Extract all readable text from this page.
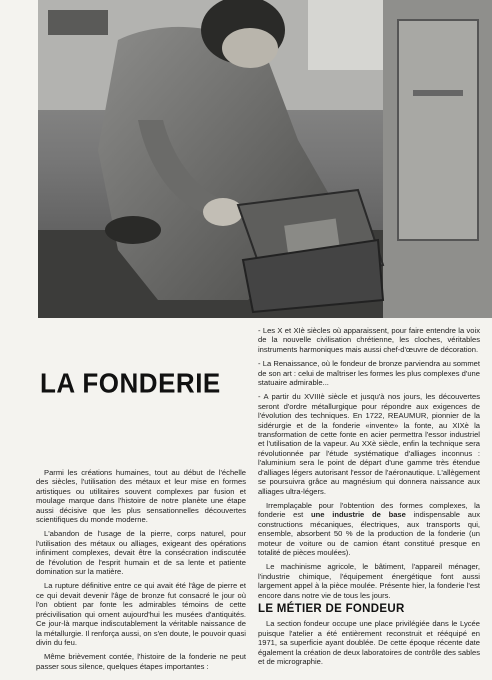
LA FONDERIE

Parmi les créations humaines, tout au début de l'échelle des siècles, l'utilisation des métaux et leur mise en formes artistiques ou utilitaires souvent complexes par fusion et moulage marque dans l'histoire de notre planète une étape aussi décisive que les plus sensationnelles découvertes scientifiques du monde moderne.

L'abandon de l'usage de la pierre, corps naturel, pour l'utilisation des métaux ou alliages, exigeant des opérations infiniment complexes, devait être la consécration indiscutée de l'évolution de l'esprit humain et de sa lente et patiente domination sur la matière.

La rupture définitive entre ce qui avait été l'âge de pierre et ce qui devait devenir l'âge de bronze fut consacré le jour où l'on obtient par fonte les admirables témoins de cette précivilisation qui ornent aujourd'hui les musées d'antiquités. Ce jour-là marque indiscutablement la véritable naissance de la métallurgie. Il renforça aussi, on s'en doute, le pouvoir quasi divin du feu.

Même brièvement contée, l'histoire de la fonderie ne peut passer sous silence, quelques étapes importantes :

- Les X et XIè siècles où apparaissent, pour faire entendre la voix de la nouvelle civilisation chrétienne, les cloches, véritables instruments harmoniques mais aussi chef-d'œuvre de décoration.

- La Renaissance, où le fondeur de bronze parviendra au sommet de son art : celui de maîtriser les formes les plus complexes d'une statuaire admirable...

- A partir du XVIIIè siècle et jusqu'à nos jours, les découvertes seront d'ordre métallurgique pour répondre aux exigences de l'évolution des techniques. En 1722, REAUMUR, pionnier de la sidérurgie et de la fonderie «invente» la fonte, au XIXè la transformation de cette fonte en acier permettra l'essor industriel et l'utilisation de la vapeur. Au XXè siècle, enfin la technique sera révolutionnée par l'étude systématique d'alliages inconnus : l'aluminium sera le point de départ d'une gamme très étendue d'alliages légers autorisant l'essor de l'aéronautique. L'allègement se poursuivra grâce au magnésium qui donnera naissance aux alliages ultra-légers.

Irremplaçable pour l'obtention des formes complexes, la fonderie est une industrie de base indispensable aux constructions mécaniques, électriques, aux transports qui, ensemble, absorbent 50 % de la production de la fonderie (un moteur de voiture ou de camion étant constitué presque en totalité de pièces moulées).

Le machinisme agricole, le bâtiment, l'appareil ménager, l'industrie chimique, l'équipement énergétique font aussi largement appel à la pièce moulée. Présente hier, la fonderie l'est encore dans notre vie de tous les jours.

LE MÉTIER DE FONDEUR

La section fondeur occupe une place privilégiée dans le Lycée puisque l'atelier a été entièrement reconstruit et rééquipé en 1971, sa superficie ayant doublée. De cette époque récente date également la création de deux laboratoires de contrôle des sables et de micrographie.
